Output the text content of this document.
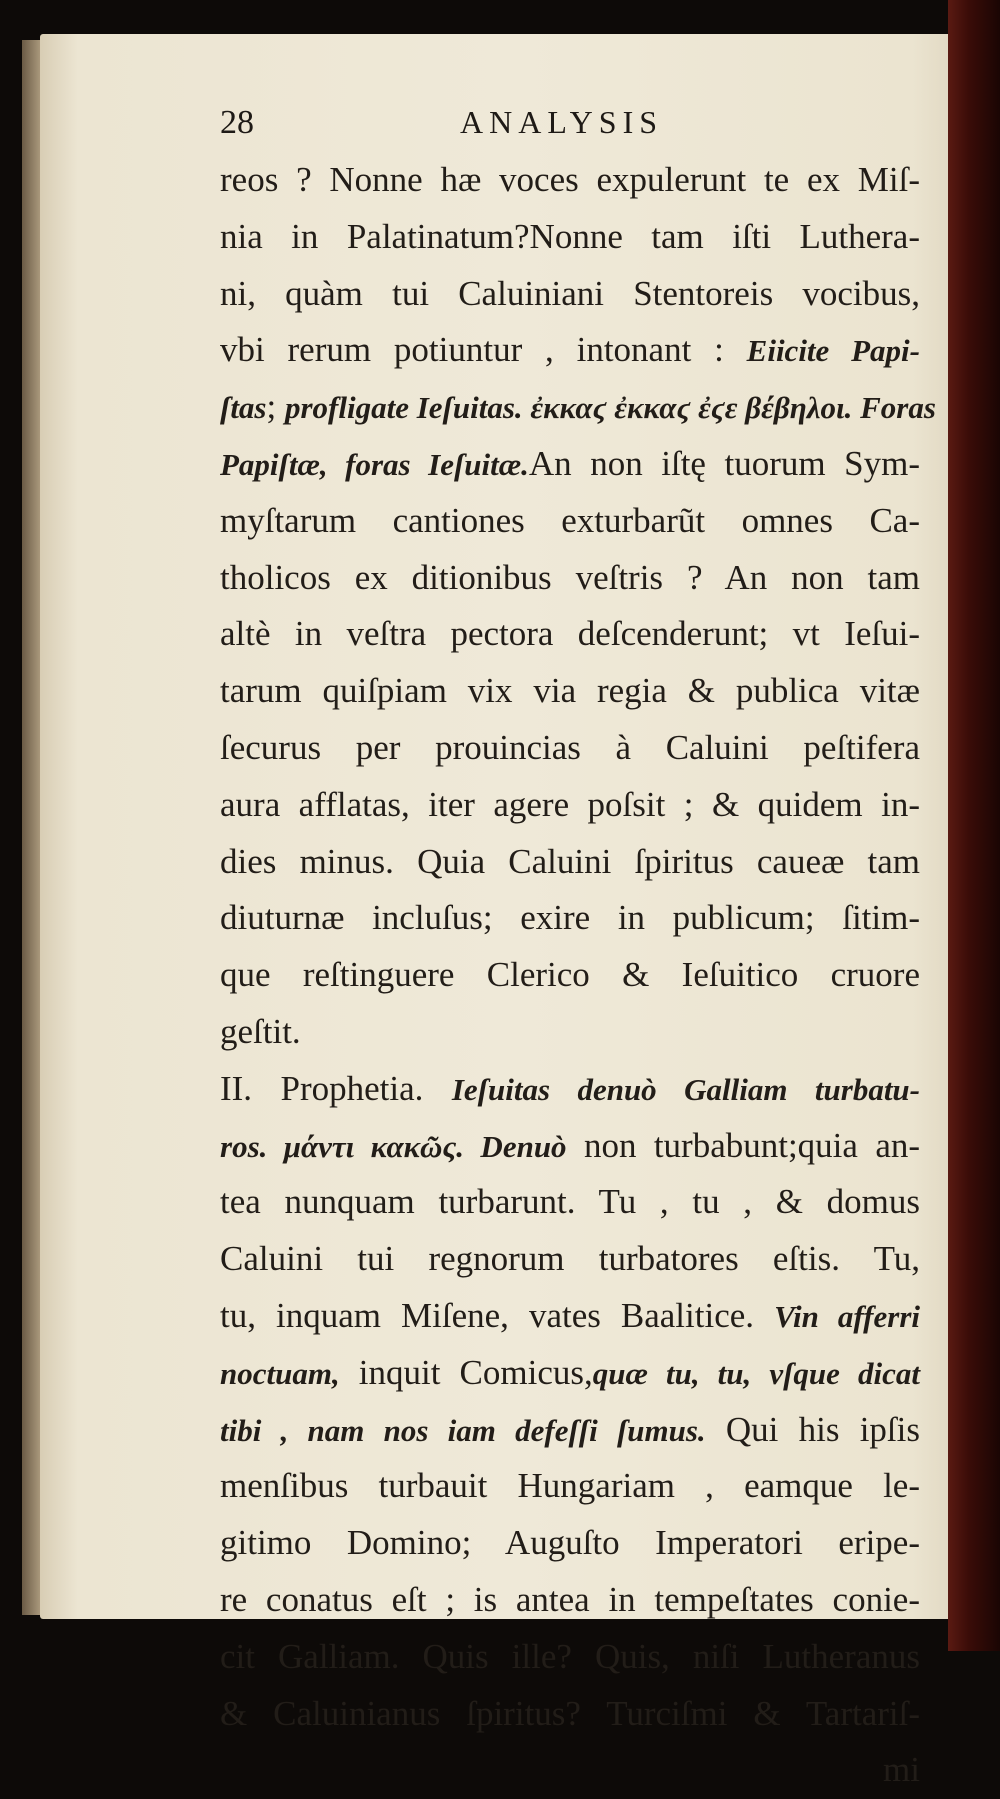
28	ANALYSIS
reos ? Nonne hæ voces expulerunt te ex Miſ-
nia in Palatinatum?Nonne tam iſti Luthera-
ni, quàm tui Caluiniani Stentoreis vocibus,
vbi rerum potiuntur , intonant : Eiicite Papi-
ſtas; profligate Ieſuitas. ἐκκαϛ ἐκκαϛ ἐϛε βέβηλοι. Foras
Papiſtæ, foras Ieſuitæ.An non iſtę tuorum Sym-
myſtarum cantiones exturbarũt omnes Ca-
tholicos ex ditionibus veſtris ? An non tam
altè in veſtra pectora deſcenderunt; vt Ieſui-
tarum quiſpiam vix via regia & publica vitæ
ſecurus per prouincias à Caluini peſtifera
aura afflatas, iter agere poſsit ; & quidem in-
dies minus. Quia Caluini ſpiritus caueæ tam
diuturnæ incluſus; exire in publicum; ſitim-
que reſtinguere Clerico & Ieſuitico cruore
geſtit.
II. Prophetia. Ieſuitas denuò Galliam turbatu-
ros. μάντι κακῶς. Denuò non turbabunt;quia an-
tea nunquam turbarunt. Tu , tu , & domus
Caluini tui regnorum turbatores eſtis. Tu,
tu, inquam Miſene, vates Baalitice. Vin afferri
noctuam, inquit Comicus,quæ tu, tu, vſque dicat
tibi , nam nos iam defeſſi ſumus. Qui his ipſis
menſibus turbauit Hungariam , eamque le-
gitimo Domino; Auguſto Imperatori eripe-
re conatus eſt ; is antea in tempeſtates conie-
cit Galliam. Quis ille? Quis, niſi Lutheranus
& Caluinianus ſpiritus? Turciſmi & Tartariſ-
mi
